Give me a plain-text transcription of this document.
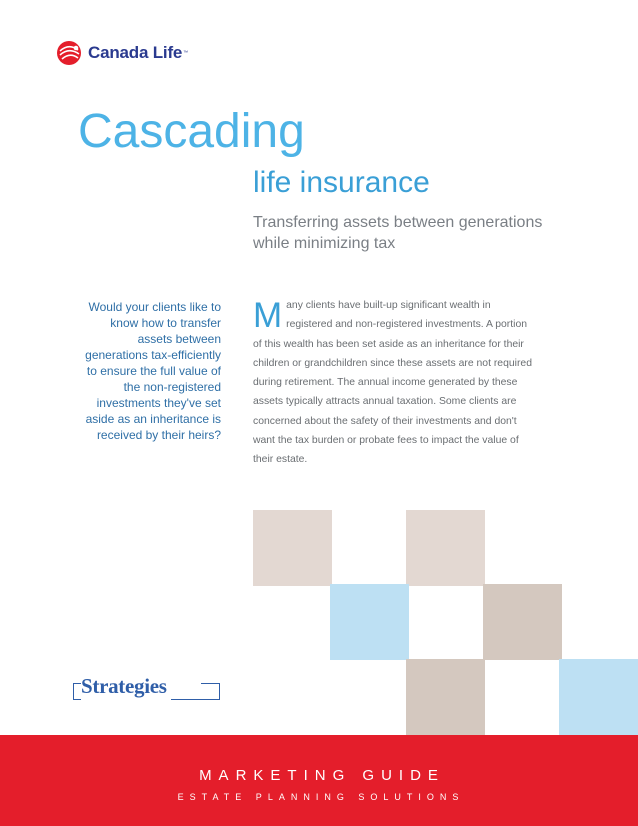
Canada Life ™
Cascading
life insurance

Transferring assets between generations while minimizing tax

Would your clients like to know how to transfer assets between generations tax-efficiently to ensure the full value of the non-registered investments they've set aside as an inheritance is received by their heirs?

Many clients have built-up significant wealth in registered and non-registered investments. A portion of this wealth has been set aside as an inheritance for their children or grandchildren since these assets are not required during retirement. The annual income generated by these assets typically attracts annual taxation. Some clients are concerned about the safety of their investments and don't want the tax burden or probate fees to impact the value of their estate.
Strategies

MARKETING GUIDE

ESTATE PLANNING SOLUTIONS
